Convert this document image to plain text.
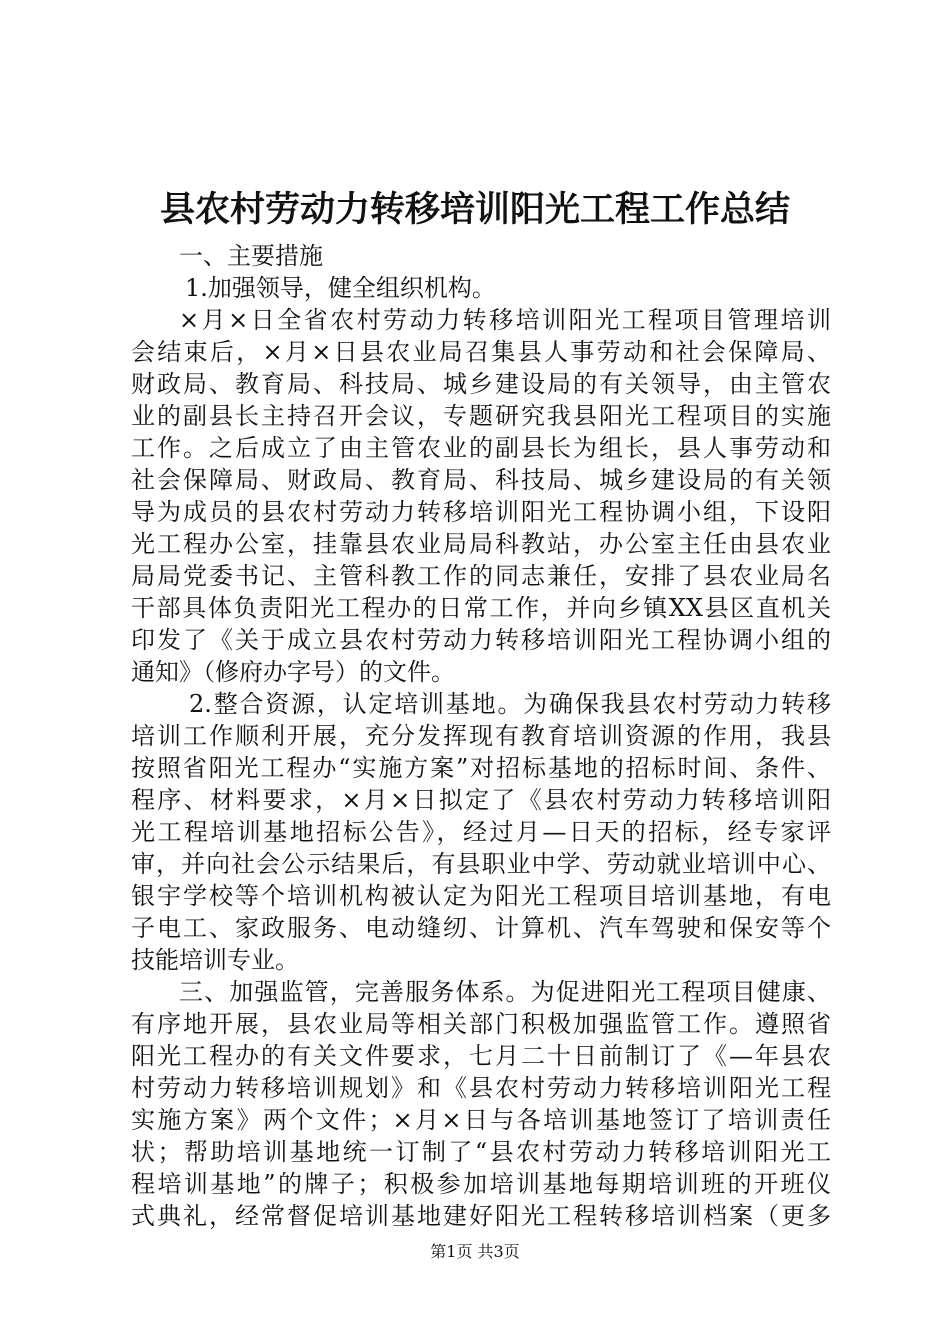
县农村劳动力转移培训阳光工程工作总结
一、主要措施
1.加强领导，健全组织机构。
×月×日全省农村劳动力转移培训阳光工程项目管理培训
会结束后，×月×日县农业局召集县人事劳动和社会保障局、
财政局、教育局、科技局、城乡建设局的有关领导，由主管农
业的副县长主持召开会议，专题研究我县阳光工程项目的实施
工作。之后成立了由主管农业的副县长为组长，县人事劳动和
社会保障局、财政局、教育局、科技局、城乡建设局的有关领
导为成员的县农村劳动力转移培训阳光工程协调小组，下设阳
光工程办公室，挂靠县农业局局科教站，办公室主任由县农业
局局党委书记、主管科教工作的同志兼任，安排了县农业局名
干部具体负责阳光工程办的日常工作，并向乡镇XX县区直机关
印发了《关于成立县农村劳动力转移培训阳光工程协调小组的
通知》（修府办字号）的文件。
2.整合资源，认定培训基地。为确保我县农村劳动力转移
培训工作顺利开展，充分发挥现有教育培训资源的作用，我县
按照省阳光工程办“实施方案”对招标基地的招标时间、条件、
程序、材料要求，×月×日拟定了《县农村劳动力转移培训阳
光工程培训基地招标公告》，经过月—日天的招标，经专家评
审，并向社会公示结果后，有县职业中学、劳动就业培训中心、
银宇学校等个培训机构被认定为阳光工程项目培训基地，有电
子电工、家政服务、电动缝纫、计算机、汽车驾驶和保安等个
技能培训专业。
三、加强监管，完善服务体系。为促进阳光工程项目健康、
有序地开展，县农业局等相关部门积极加强监管工作。遵照省
阳光工程办的有关文件要求，七月二十日前制订了《—年县农
村劳动力转移培训规划》和《县农村劳动力转移培训阳光工程
实施方案》两个文件；×月×日与各培训基地签订了培训责任
状；帮助培训基地统一订制了“县农村劳动力转移培训阳光工
程培训基地”的牌子；积极参加培训基地每期培训班的开班仪
式典礼，经常督促培训基地建好阳光工程转移培训档案（更多
第1页 共3页
